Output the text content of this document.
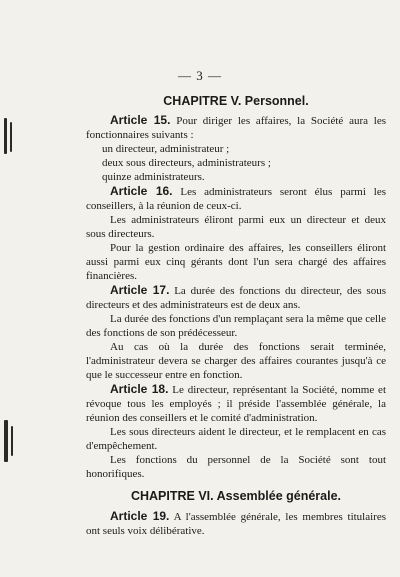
— 3 —
CHAPITRE V. Personnel.

Article 15. Pour diriger les affaires, la Société aura les fonctionnaires suivants :

un directeur, administrateur ;
deux sous directeurs, administrateurs ;
quinze administrateurs.

Article 16. Les administrateurs seront élus parmi les conseillers, à la réunion de ceux-ci.

Les administrateurs éliront parmi eux un directeur et deux sous directeurs.

Pour la gestion ordinaire des affaires, les conseillers éliront aussi parmi eux cinq gérants dont l'un sera chargé des affaires financières.

Article 17. La durée des fonctions du directeur, des sous directeurs et des administrateurs est de deux ans.

La durée des fonctions d'un remplaçant sera la même que celle des fonctions de son prédécesseur.

Au cas où la durée des fonctions serait terminée, l'administrateur devera se charger des affaires courantes jusqu'à ce que le successeur entre en fonction.

Article 18. Le directeur, représentant la Société, nomme et révoque tous les employés ; il préside l'assemblée générale, la réunion des conseillers et le comité d'administration.

Les sous directeurs aident le directeur, et le remplacent en cas d'empêchement.

Les fonctions du personnel de la Société sont tout honorifiques.

CHAPITRE VI. Assemblée générale.

Article 19. A l'assemblée générale, les membres titulaires ont seuls voix délibérative.
